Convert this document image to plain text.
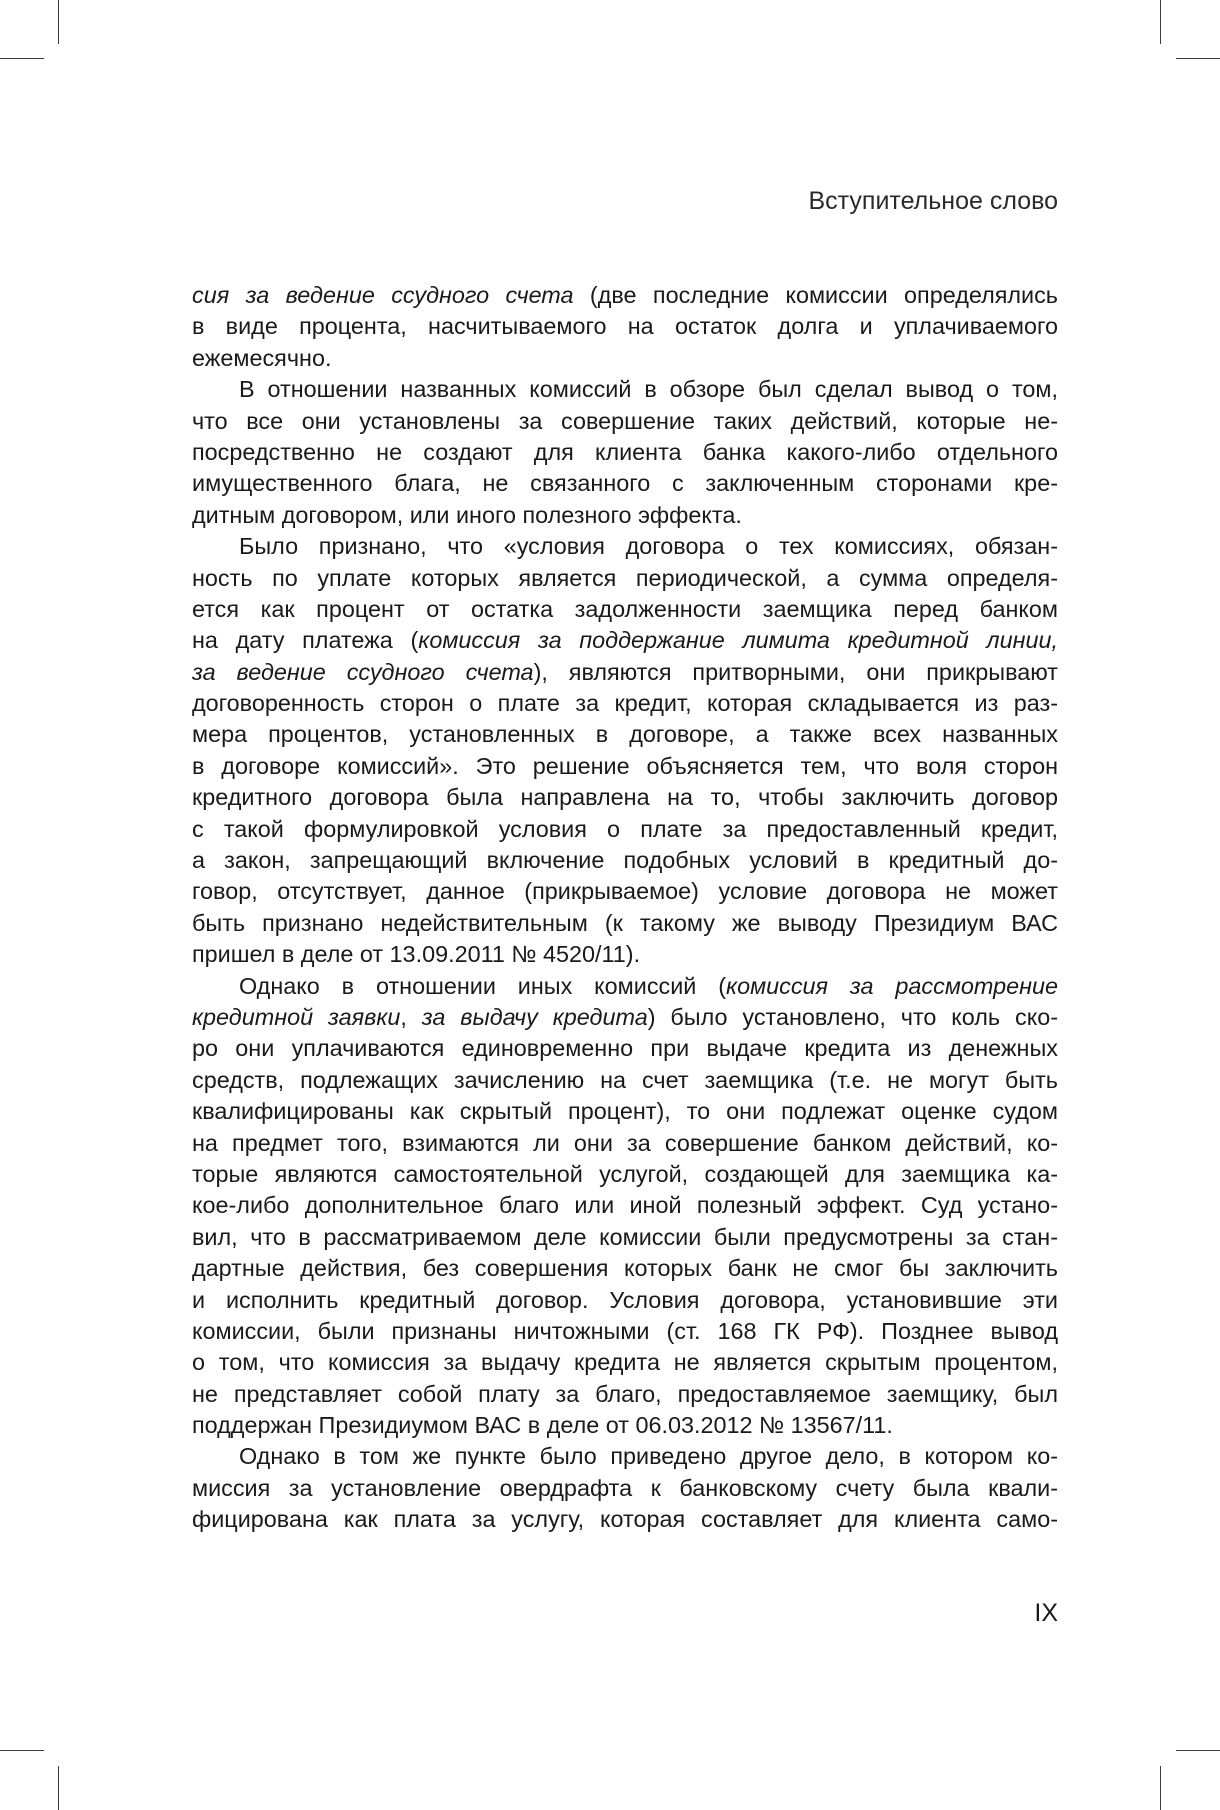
Вступительное слово
сия за ведение ссудного счета (две последние комиссии определялись
в виде процента, насчитываемого на остаток долга и уплачиваемого
ежемесячно.
В отношении названных комиссий в обзоре был сделал вывод о том,
что все они установлены за совершение таких действий, которые не-
посредственно не создают для клиента банка какого-либо отдельного
имущественного блага, не связанного с заключенным сторонами кре-
дитным договором, или иного полезного эффекта.
Было признано, что «условия договора о тех комиссиях, обязан-
ность по уплате которых является периодической, а сумма определя-
ется как процент от остатка задолженности заемщика перед банком
на дату платежа (комиссия за поддержание лимита кредитной линии,
за ведение ссудного счета), являются притворными, они прикрывают
договоренность сторон о плате за кредит, которая складывается из раз-
мера процентов, установленных в договоре, а также всех названных
в договоре комиссий». Это решение объясняется тем, что воля сторон
кредитного договора была направлена на то, чтобы заключить договор
с такой формулировкой условия о плате за предоставленный кредит,
а закон, запрещающий включение подобных условий в кредитный до-
говор, отсутствует, данное (прикрываемое) условие договора не может
быть признано недействительным (к такому же выводу Президиум ВАС
пришел в деле от 13.09.2011 № 4520/11).
Однако в отношении иных комиссий (комиссия за рассмотрение
кредитной заявки, за выдачу кредита) было установлено, что коль ско-
ро они уплачиваются единовременно при выдаче кредита из денежных
средств, подлежащих зачислению на счет заемщика (т.е. не могут быть
квалифицированы как скрытый процент), то они подлежат оценке судом
на предмет того, взимаются ли они за совершение банком действий, ко-
торые являются самостоятельной услугой, создающей для заемщика ка-
кое-либо дополнительное благо или иной полезный эффект. Суд устано-
вил, что в рассматриваемом деле комиссии были предусмотрены за стан-
дартные действия, без совершения которых банк не смог бы заключить
и исполнить кредитный договор. Условия договора, установившие эти
комиссии, были признаны ничтожными (ст. 168 ГК РФ). Позднее вывод
о том, что комиссия за выдачу кредита не является скрытым процентом,
не представляет собой плату за благо, предоставляемое заемщику, был
поддержан Президиумом ВАС в деле от 06.03.2012 № 13567/11.
Однако в том же пункте было приведено другое дело, в котором ко-
миссия за установление овердрафта к банковскому счету была квали-
фицирована как плата за услугу, которая составляет для клиента само-
IX
